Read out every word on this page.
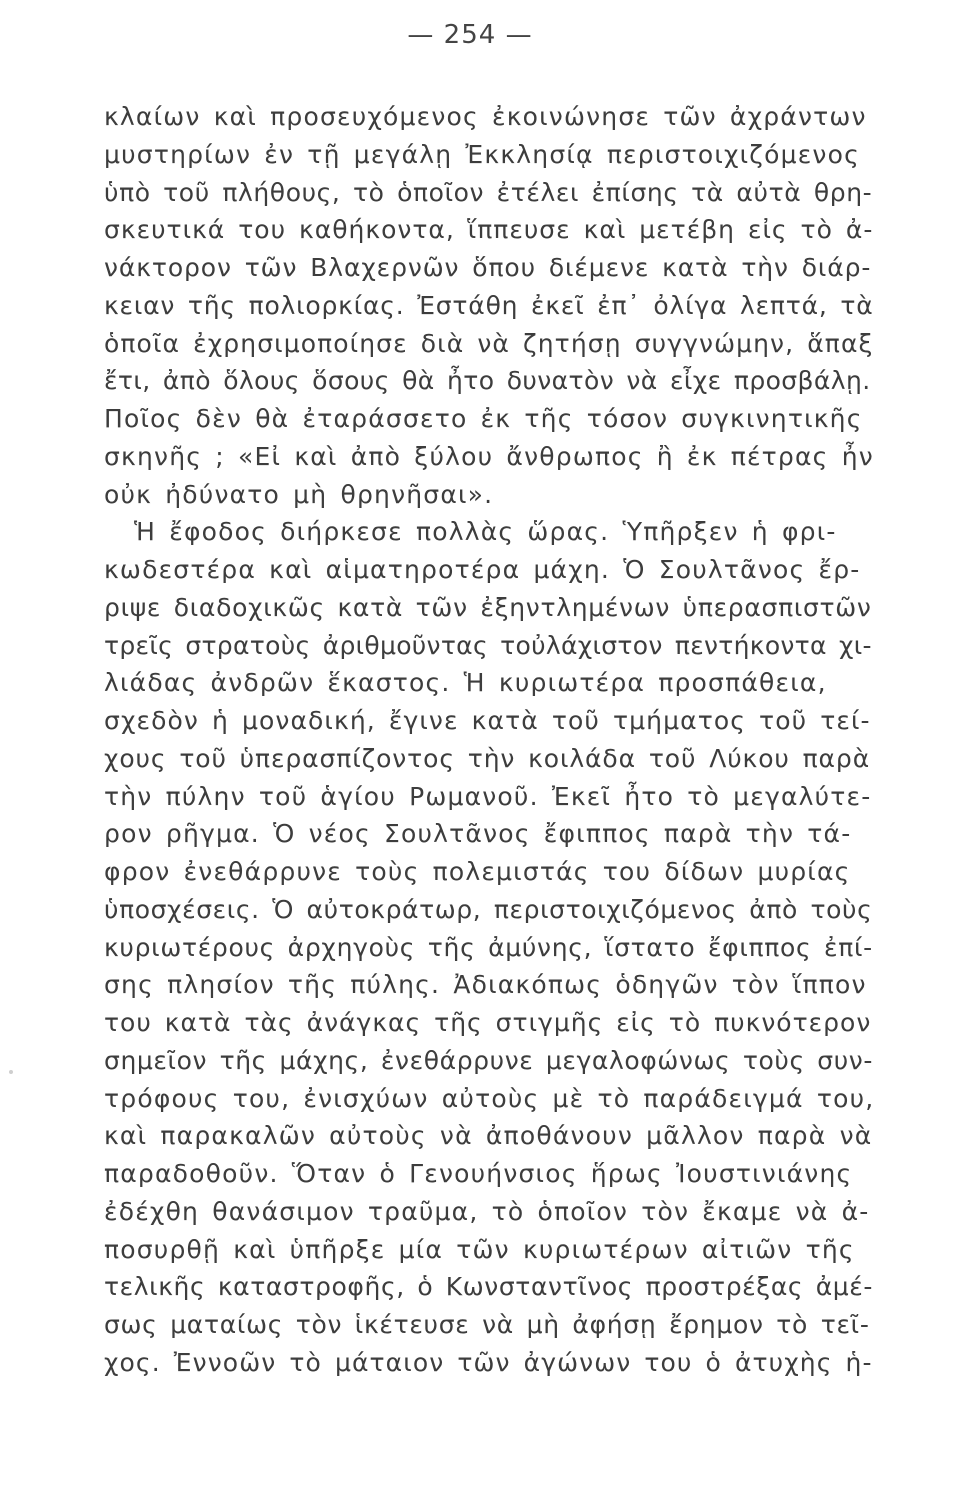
— 254 —
κλαίων καὶ προσευχόμενος ἐκοινώνησε τῶν ἀχράντων
μυστηρίων ἐν τῇ μεγάλῃ Ἐκκλησίᾳ περιστοιχιζόμενος
ὑπὸ τοῦ πλήθους, τὸ ὁποῖον ἐτέλει ἐπίσης τὰ αὐτὰ θρη-
σκευτικά του καθήκοντα, ἵππευσε καὶ μετέβη εἰς τὸ ἀ-
νάκτορον τῶν Βλαχερνῶν ὅπου διέμενε κατὰ τὴν διάρ-
κειαν τῆς πολιορκίας. Ἐστάθη ἐκεῖ ἐπ᾿ ὀλίγα λεπτά, τὰ
ὁποῖα ἐχρησιμοποίησε διὰ νὰ ζητήσῃ συγγνώμην, ἅπαξ
ἔτι, ἀπὸ ὅλους ὅσους θὰ ἦτο δυνατὸν νὰ εἶχε προσβάλῃ.
Ποῖος δὲν θὰ ἐταράσσετο ἐκ τῆς τόσον συγκινητικῆς
σκηνῆς ; «Εἰ καὶ ἀπὸ ξύλου ἄνθρωπος ἢ ἐκ πέτρας ἦν
οὐκ ἠδύνατο μὴ θρηνῆσαι».
Ἡ ἔφοδος διήρκεσε πολλὰς ὥρας. Ὑπῆρξεν ἡ φρι-
κωδεστέρα καὶ αἱματηροτέρα μάχη. Ὁ Σουλτᾶνος ἔρ-
ριψε διαδοχικῶς κατὰ τῶν ἐξηντλημένων ὑπερασπιστῶν
τρεῖς στρατοὺς ἀριθμοῦντας τοὐλάχιστον πεντήκοντα χι-
λιάδας ἀνδρῶν ἕκαστος. Ἡ κυριωτέρα προσπάθεια,
σχεδὸν ἡ μοναδική, ἔγινε κατὰ τοῦ τμήματος τοῦ τεί-
χους τοῦ ὑπερασπίζοντος τὴν κοιλάδα τοῦ Λύκου παρὰ
τὴν πύλην τοῦ ἁγίου Ρωμανοῦ. Ἐκεῖ ἦτο τὸ μεγαλύτε-
ρον ρῆγμα. Ὁ νέος Σουλτᾶνος ἔφιππος παρὰ τὴν τά-
φρον ἐνεθάρρυνε τοὺς πολεμιστάς του δίδων μυρίας
ὑποσχέσεις. Ὁ αὐτοκράτωρ, περιστοιχιζόμενος ἀπὸ τοὺς
κυριωτέρους ἀρχηγοὺς τῆς ἀμύνης, ἵστατο ἔφιππος ἐπί-
σης πλησίον τῆς πύλης. Ἀδιακόπως ὁδηγῶν τὸν ἵππον
του κατὰ τὰς ἀνάγκας τῆς στιγμῆς εἰς τὸ πυκνότερον
σημεῖον τῆς μάχης, ἐνεθάρρυνε μεγαλοφώνως τοὺς συν-
τρόφους του, ἐνισχύων αὐτοὺς μὲ τὸ παράδειγμά του,
καὶ παρακαλῶν αὐτοὺς νὰ ἀποθάνουν μᾶλλον παρὰ νὰ
παραδοθοῦν. Ὅταν ὁ Γενουήνσιος ἥρως Ἰουστινιάνης
ἐδέχθη θανάσιμον τραῦμα, τὸ ὁποῖον τὸν ἔκαμε νὰ ἀ-
ποσυρθῇ καὶ ὑπῆρξε μία τῶν κυριωτέρων αἰτιῶν τῆς
τελικῆς καταστροφῆς, ὁ Κωνσταντῖνος προστρέξας ἀμέ-
σως ματαίως τὸν ἱκέτευσε νὰ μὴ ἀφήσῃ ἔρημον τὸ τεῖ-
χος. Ἐννοῶν τὸ μάταιον τῶν ἀγώνων του ὁ ἀτυχὴς ἡ-
